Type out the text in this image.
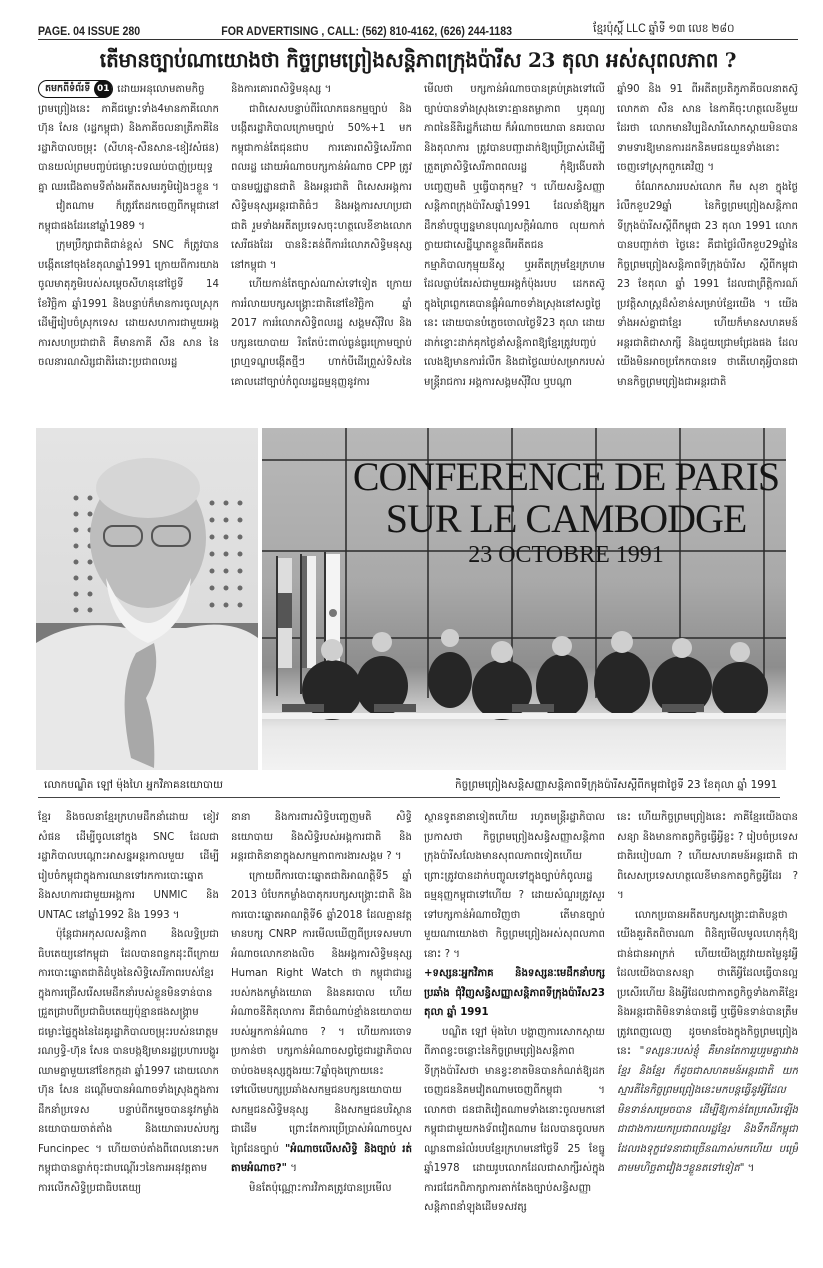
PAGE. 04 ISSUE 280	FOR ADVERTISING , CALL: (562) 810-4162, (626) 244-1183	ខ្មែរប៉ុស្តិ៍ LLC ឆ្នាំទី ១៣ លេខ ២៨០
តើមានច្បាប់ណាយោងថា កិច្ចព្រមព្រៀងសន្តិភាពក្រុងប៉ារីស 23 តុលា អស់សុពលភាព ?

តមកពីទំព័រទី 01 ដោយអនុលោមតាមកិច្ចព្រមព្រៀងនេះ ភាគីជម្លោះទាំង4មានភាគីលោក ហ៊ុន សែន (រដ្ឋកម្ពុជា) និងភាគីចលនាត្រីភាគីនៃរដ្ឋាភិបាលចម្រុះ (សីហនុ-សឺនសាន-ខៀវសំផន) បានយល់ព្រមបញ្ចប់ជម្លោះបទឈប់បាញ់ប្រយុទ្ធគ្នា ឈរជើងតាមទីតាំងអតីតសមរភូមិរៀងៗខ្លួន ។

វៀតណាម ក៏ត្រូវតែដកចេញពីកម្ពុជានៅកម្ពុជាផងដែរនៅឆ្នាំ1989 ។

ក្រុមប្រឹក្សាជាតិជាន់ខ្ពស់ SNC ក៏ត្រូវបានបង្កើតនៅចុងខែតុលាឆ្នាំ1991 ក្រោយពីការយាងចូលមាតុភូមិរបស់សម្ដេចសីហនុនៅថ្ងៃទី 14 ខែវិច្ឆិកា ឆ្នាំ1991 និងបន្ទាប់ក៏មានការចូលស្រុកដើម្បីរៀបចំស្រុកទេស ដោយសហការជាមួយអង្គការសហប្រជាជាតិ គឺមានភាគី សឺន សាន នៃចលនារណសិរ្សជាតិរំដោះប្រជាពលរដ្ឋ

និងការគោរពសិទ្ធិមនុស្ស ។

ជាពិសេសបន្ទាប់ពីរំលោភធនកម្មច្បាប់ និងបង្កើតរដ្ឋាភិបាលក្រោមច្បាប់ 50%+1 មកកម្ពុជាកាន់តែជុនជាប ការគោរពសិទ្ធិសេរីភាពពលរដ្ឋ ដោយអំណាចបក្សកាន់អំណាច CPP ត្រូវបានមជ្ឈដ្ឋានជាតិ និងអន្តរជាតិ ពិសេសអង្គការសិទ្ធិមនុស្សអន្តរជាតិធំៗ និងអង្គការសហប្រជាជាតិ រួមទាំងអតីតប្រទេសចុះហត្ថលេខីខាងលោកសេរីផងដែរ បាននិះគន់ពីការរំលោភសិទ្ធិមនុស្សនៅកម្ពុជា ។

ហើយកាន់តែច្បាស់ណាស់ទៅទៀត ក្រោយការរំលាយបក្សសង្គ្រោះជាតិនៅខែវិច្ឆិកា ឆ្នាំ 2017 ការរំលោភសិទ្ធិពលរដ្ឋ សង្គមស៊ីវិល និងបក្សនយោបាយ រិតតែប៉ះពាល់ធ្ងន់ធ្ងរក្រោមច្បាប់ព្រហ្មទណ្ឌបង្កើតថ្មីៗ ហាក់បីដើរព្រួស់ទិសនៃគោលដៅច្បាប់កំពូលរដ្ឋធម្មនុញ្ញនូវការ

មើលថា បក្សកាន់អំណាចបានគ្រប់គ្រងទៅលើច្បាប់បានទាំងស្រុងទោះគ្មានតម្លាភាព ឬគុណ្យភាពនៃនីតិរដ្ឋក៏ដោយ ក៏អំណាចយោធា នគរបាល និងតុលាការ ត្រូវបានបញ្ជាដាក់ឱ្យប្រើប្រាស់ដើម្បីត្រួតត្រាសិទ្ធិសេរីភាពពលរដ្ឋ កុំឱ្យងើបតវ៉ា បញ្ចេញមតិ ឬធ្វើបាតុកម្ម? ។ ហើយសន្ធិសញ្ញាសន្តិភាពក្រុងប៉ារីសឆ្នាំ1991 ដែលនាំឱ្យអ្នកដឹកនាំបច្ចុប្បន្នមានបុណ្យសក្តិអំណាច លុយកាក់ក្លាយជាសេដ្ឋីឃ្លាតខ្លួនពីអតីតជនកម្មាភិបាលកុម្មុយនីស្ត ឬអតីតក្រុមខ្មែរក្រហម ដែលធ្លាប់តែរស់ជាមួយអង្គកំប៉ុងរបប ដេកតស៊ូក្នុងព្រៃព្លេកគេបានផ្តុំអំណាចទាំងស្រុងនៅសព្វថ្ងៃនេះ ដោយបានបំភ្លេចចោលថ្ងៃទី23 តុលា ដោយដាក់ខ្ទោះដាក់គុកថ្ងៃនាំសន្តិភាពឱ្យខ្មែរត្រូវបញ្ចប់លេងឱ្យមានការរំលឹក និងជាថ្ងៃឈប់សម្រាករបស់មន្ត្រីរាជការ អង្គការសង្គមស៊ីវិល ឬបណ្ដា

ឆ្នាំ90 និង 91 ពីអតីតប្រតិភូភាគីចលនាតស៊ូលោកតា សឺន សាន នៃភាគីចុះហត្ថលេខីមួយដែរថា លោកមានវិប្បដិសារីសោកស្ដាយមិនបានទាមទារឱ្យមានការដកនិគមជនយួនទាំងនោះចេញទៅស្រុកពួកគេវិញ ។

ចំណែកសាររបស់លោក កឹម សុខា ក្នុងថ្ងៃរំលឹកខួប29ឆ្នាំ នៃកិច្ចព្រមព្រៀងសន្តិភាពទីក្រុងប៉ារីសស្តីពីកម្ពុជា 23 តុលា 1991 លោកបានបញ្ជាក់ថា ថ្ងៃនេះ គឺជាថ្ងៃរំលឹកខួប29ឆ្នាំនៃកិច្ចព្រមព្រៀងសន្តិភាពទីក្រុងប៉ារីស ស្តីពីកម្ពុជា 23 ខែតុលា ឆ្នាំ 1991 ដែលជាព្រឹត្តិការណ៍ប្រវត្តិសាស្ត្រដ៏សំខាន់សម្រាប់ខ្មែរយើង ។ យើងទាំងអស់គ្នាជាខ្មែរ ហើយក៏មានសហគមន៍អន្តរជាតិជាសាក្សី និងជួយជ្រោមជ្រែងផង ដែលយើងមិនអាចប្រកែកបានទេ ថាតើហេតុអ្វីបានជាមានកិច្ចព្រមព្រៀងជាអន្តរជាតិ

CONFERENCE DE PARIS
SUR LE CAMBODGE
23 OCTOBRE 1991
លោកបណ្ឌិត ឡៅ ម៉ុងហៃ អ្នកវិភាគនយោបាយ	កិច្ចព្រមព្រៀងសន្តិសញ្ញាសន្តិភាពទីក្រុងប៉ារីសស្តីពីកម្ពុជាថ្ងៃទី 23 ខែតុលា ឆ្នាំ 1991

ខ្មែរ និងចលនាខ្មែរក្រហមដឹកនាំដោយ ខៀវ សំផន ដើម្បីចូលនៅក្នុង SNC ដែលជារដ្ឋាភិបាលបណ្ដោះអាសន្នអន្តរកាលមួយ ដើម្បីរៀបចំកម្ពុជាក្នុងការឈានទៅរកការបោះឆ្នោត និងសហការជាមួយអង្គការ UNMIC និង UNTAC នៅឆ្នាំ1992 និង 1993 ។

ប៉ុន្តែជាអកុសលសន្តិភាព និងលទ្ធិប្រជាធិបតេយ្យនៅកម្ពុជា ដែលបានពន្លកដុះពីក្រោយការបោះឆ្នោតជាតិដំបូងនៃសិទ្ធិសេរីភាពរបស់ខ្មែរ ក្នុងការជ្រើសរើសមេដឹកនាំរបស់ខ្លួនមិនទាន់បានជ្រួតជ្រាបពីប្រជាធិបតេយ្យប៉ុន្មានផងសង្គ្រាមជម្លោះផ្ទៃក្នុងនៃដៃគូរដ្ឋាភិបាលចម្រុះរបស់នរោត្តម រណឫទ្ធិ-ហ៊ុន សែន បានបង្កឱ្យមានរដ្ឋប្រហារបង្ហូរ ឈាមគ្នាមួយនៅខែកក្កដា ឆ្នាំ1997 ដោយលោក ហ៊ុន សែន ដណ្តើមបានអំណាចទាំងស្រុងក្នុងការដឹកនាំប្រទេស បន្ទាប់ពីកម្ទេចបាននូវកម្លាំងនយោបាយចាត់តាំង និងយោធារបស់បក្ស Funcinpec ។ ហើយចាប់តាំងពីពេលនោះមកកម្ពុជាបានធ្លាក់ចុះជាបណ្ដើរៗនៃការអនុវត្តតាមការលើកសិទ្ធិប្រជាធិបតេយ្យ

នានា និងការពារសិទ្ធិបញ្ចេញមតិ សិទ្ធិនយោបាយ និងសិទ្ធិរបស់អង្គការជាតិ និងអន្តរជាតិនានាក្នុងសកម្មភាពការងារសង្គម ? ។

ក្រោយពីការបោះឆ្នោតជាតិអាណត្តិទី5 ឆ្នាំ 2013 បំបែកកម្លាំងបាតុករបក្សសង្គ្រោះជាតិ និងការបោះឆ្នោតអាណត្តិទី6 ឆ្នាំ2018 ដែលគ្មានវត្តមានបក្ស CNRP ការមើលឃើញពីប្រទេសមហាអំណាចលោកខាងលិច និងអង្គការសិទ្ធិមនុស្ស Human Right Watch ថា កម្ពុជាជារដ្ឋរបស់កងកម្លាំងយោធា និងនគរបាល ហើយអំណាចនីតិតុលាការ គឺជាចំណាប់ខ្មាំងនយោបាយរបស់អ្នកកាន់អំណាច ? ។ ហើយការចោទប្រកាន់ថា បក្សកាន់អំណាចសព្វថ្ងៃជារដ្ឋាភិបាលចាប់ចងមនុស្សក្នុងរយៈ7ឆ្នាំចុងក្រោយនេះ ទៅលើមេបក្សប្រឆាំងសកម្មជនបក្សនយោបាយ សកម្មជនសិទ្ធិមនុស្ស និងសកម្មជនបរិស្ថានជាដើម ព្រោះតែការប្រើប្រាស់អំណាចឬសព្រៃដែនច្បាប់ "អំណាចលើសសិទ្ធិ និងច្បាប់ រត់តាមអំណាច?" ។

មិនតែប៉ុណ្ណោះការវិភាគត្រូវបានប្រមើល

ស្ថានទូតនានាទៀតហើយ រហូតមន្ត្រីរដ្ឋាភិបាលប្រកាសថា កិច្ចព្រមព្រៀងសន្ធិសញ្ញាសន្តិភាពក្រុងប៉ារីសលែងមានសុពលភាពទៀតហើយ ព្រោះត្រូវបានដាក់បញ្ចូលទៅក្នុងច្បាប់កំពូលរដ្ឋធម្មនុញ្ញកម្ពុជាទៅហើយ ? ដោយសំណួរត្រូវសួរទៅបក្សកាន់អំណាចវិញថា តើមានច្បាប់មួយណាយោងថា កិច្ចព្រមព្រៀងអស់សុពលភាពនោះ ? ។

+ទស្សនៈអ្នកវិភាគ និងទស្សនៈមេដឹកនាំបក្សប្រឆាំង ជុំវិញសន្ធិសញ្ញាសន្តិភាពទីក្រុងប៉ារីស23 តុលា ឆ្នាំ 1991

បណ្ឌិត ឡៅ ម៉ុងហៃ បង្ហាញការសោកស្ដាយពីភាពខ្វះចន្លោះនៃកិច្ចព្រមព្រៀងសន្តិភាពទីក្រុងប៉ារីសថា មានខ្វះខាតមិនបានកំណត់ឱ្យដកចេញជននិគមវៀតណាមចេញពីកម្ពុជា ។ លោកថា ជនជាតិវៀតណាមទាំងនោះចូលមកនៅកម្ពុជាជាមួយកងទ័ពវៀតណាម ដែលបានចូលមកឈ្លានពានរំលំរបបខ្មែរក្រហមនៅថ្ងៃទី 25 ខែធ្នូ ឆ្នាំ1978 ដោយរូបលោកដែលជាសាក្សីរស់ក្នុងការជជែកពិភាក្សាការតាក់តែងច្បាប់សន្ធិសញ្ញាសន្តិភាពនាំឡុងដើមទសវត្ស

នេះ ហើយកិច្ចព្រមព្រៀងនេះ ភាគីខ្មែរយើងបានសន្យា និងមានកាតព្វកិច្ចធ្វើអ្វីខ្លះ ? រៀបចំប្រទេសជាតិរបៀបណា ? ហើយសហគមន៍អន្តរជាតិ ជាពិសេសប្រទេសហត្ថលេខីមានកាតព្វកិច្ចអ្វីដែរ ? ។

លោកប្រធានអតីតបក្សសង្គ្រោះជាតិបន្តថា យើងគួរតិតពិចារណា ពិនិត្យមើលមូលហេតុកុំឱ្យជាន់ជានអាក្រក់ ហើយយើងត្រូវវាយតម្លៃនូវអ្វីដែលយើងបានសន្យា ថាតើអ្វីដែលធ្វើបានល្អប្រសើរហើយ និងអ្វីដែលជាកាតព្វកិច្ចទាំងភាគីខ្មែរ និងអន្តរជាតិមិនទាន់បានធ្វើ ឬធ្វើមិនទាន់បានត្រឹមត្រូវពេញលេញ ដូចមានចែងក្នុងកិច្ចព្រមព្រៀងនេះ "ទស្សនៈរបស់ខ្ញុំ គឺមានតែការរួបរួមគ្នារវាងខ្មែរ និងខ្មែរ ក៏ដូចជាសហគមន៍អន្តរជាតិ យកស្មារតីនៃកិច្ចព្រមព្រៀងនេះមកបន្តធ្វើនូវអ្វីដែលមិនទាន់សម្រេចបាន ដើម្បីឱ្យកាន់តែប្រសើរឡើង ជាជាងការយកប្រជាពលរដ្ឋខ្មែរ និងទឹកដីកម្ពុជា ដែលរងទុក្ខវេទនាជាច្រើនណាស់មកហើយ បម្រើតាមមហិច្ឆតាវៀងៗខ្លួនតទៅទៀត" ។
